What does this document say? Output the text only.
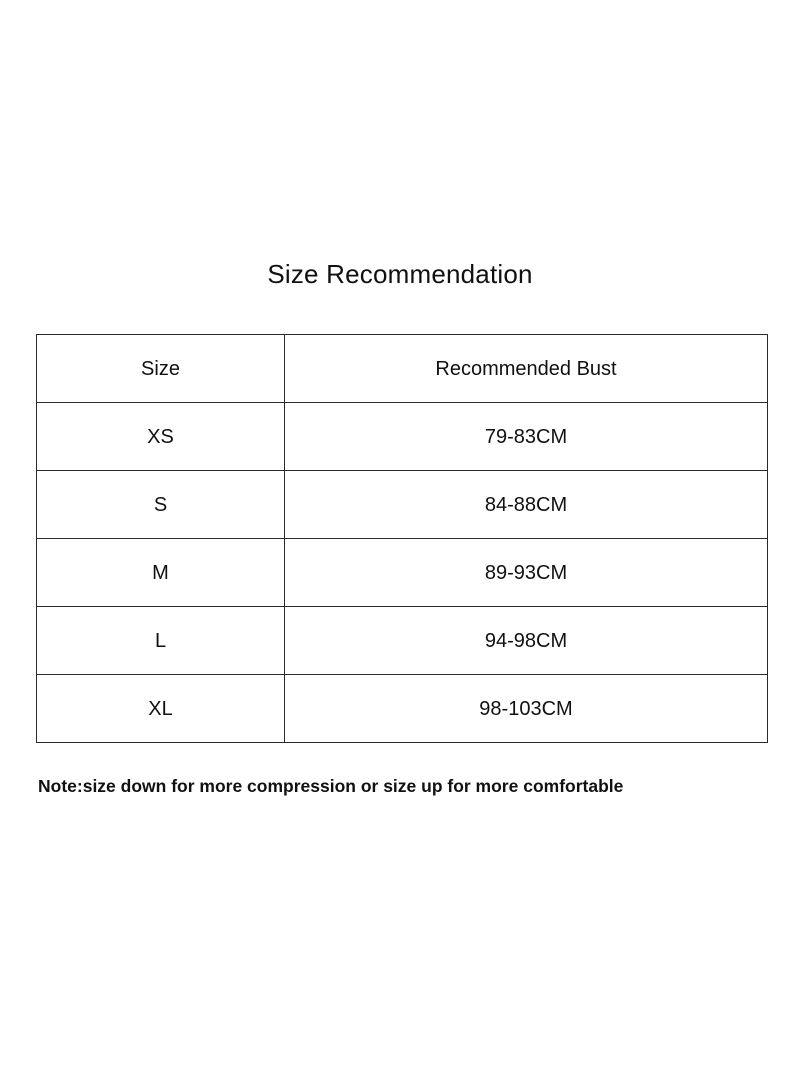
Size Recommendation
Size	Recommended Bust
XS	79-83CM
S	84-88CM
M	89-93CM
L	94-98CM
XL	98-103CM
Note:size down for more compression or size up for more comfortable
